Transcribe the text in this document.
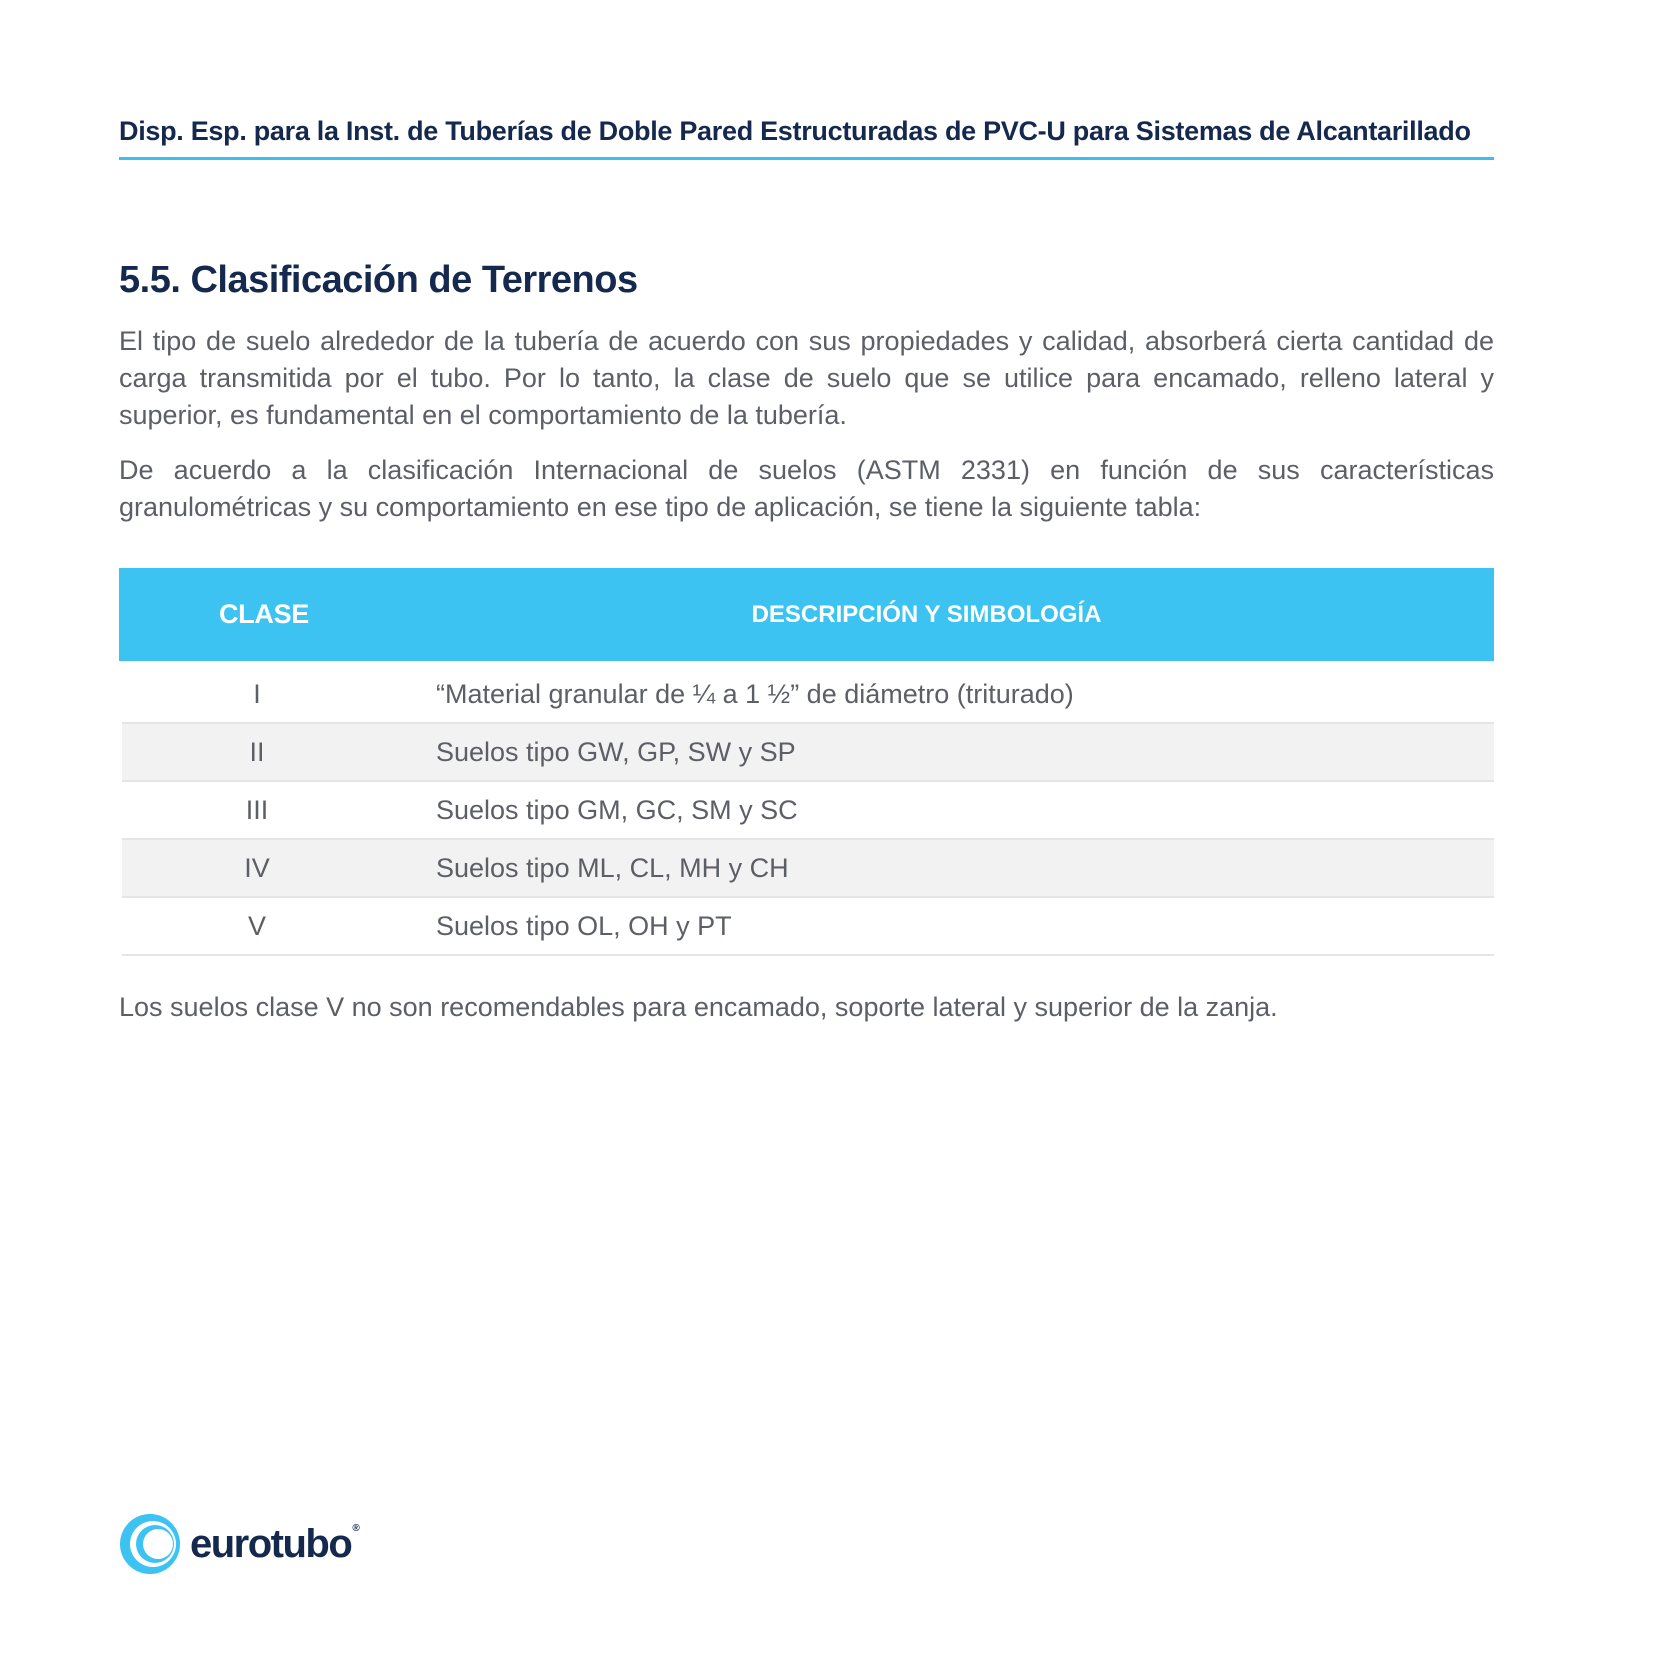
Disp. Esp. para la Inst. de Tuberías de Doble Pared Estructuradas de PVC-U para Sistemas de Alcantarillado
5.5. Clasificación de Terrenos

El tipo de suelo alrededor de la tubería de acuerdo con sus propiedades y calidad, absorberá cierta cantidad de carga transmitida por el tubo. Por lo tanto, la clase de suelo que se utilice para encamado, relleno lateral y superior, es fundamental en el comportamiento de la tubería.

De acuerdo a la clasificación Internacional de suelos (ASTM 2331) en función de sus características granulométricas y su comportamiento en ese tipo de aplicación, se tiene la siguiente tabla:

CLASE	DESCRIPCIÓN Y SIMBOLOGÍA
I	“Material granular de ¼ a 1 ½” de diámetro (triturado)
II	Suelos tipo GW, GP, SW y SP
III	Suelos tipo GM, GC, SM y SC
IV	Suelos tipo ML, CL, MH y CH
V	Suelos tipo OL, OH y PT

Los suelos clase V no son recomendables para encamado, soporte lateral y superior de la zanja.

eurotubo®
